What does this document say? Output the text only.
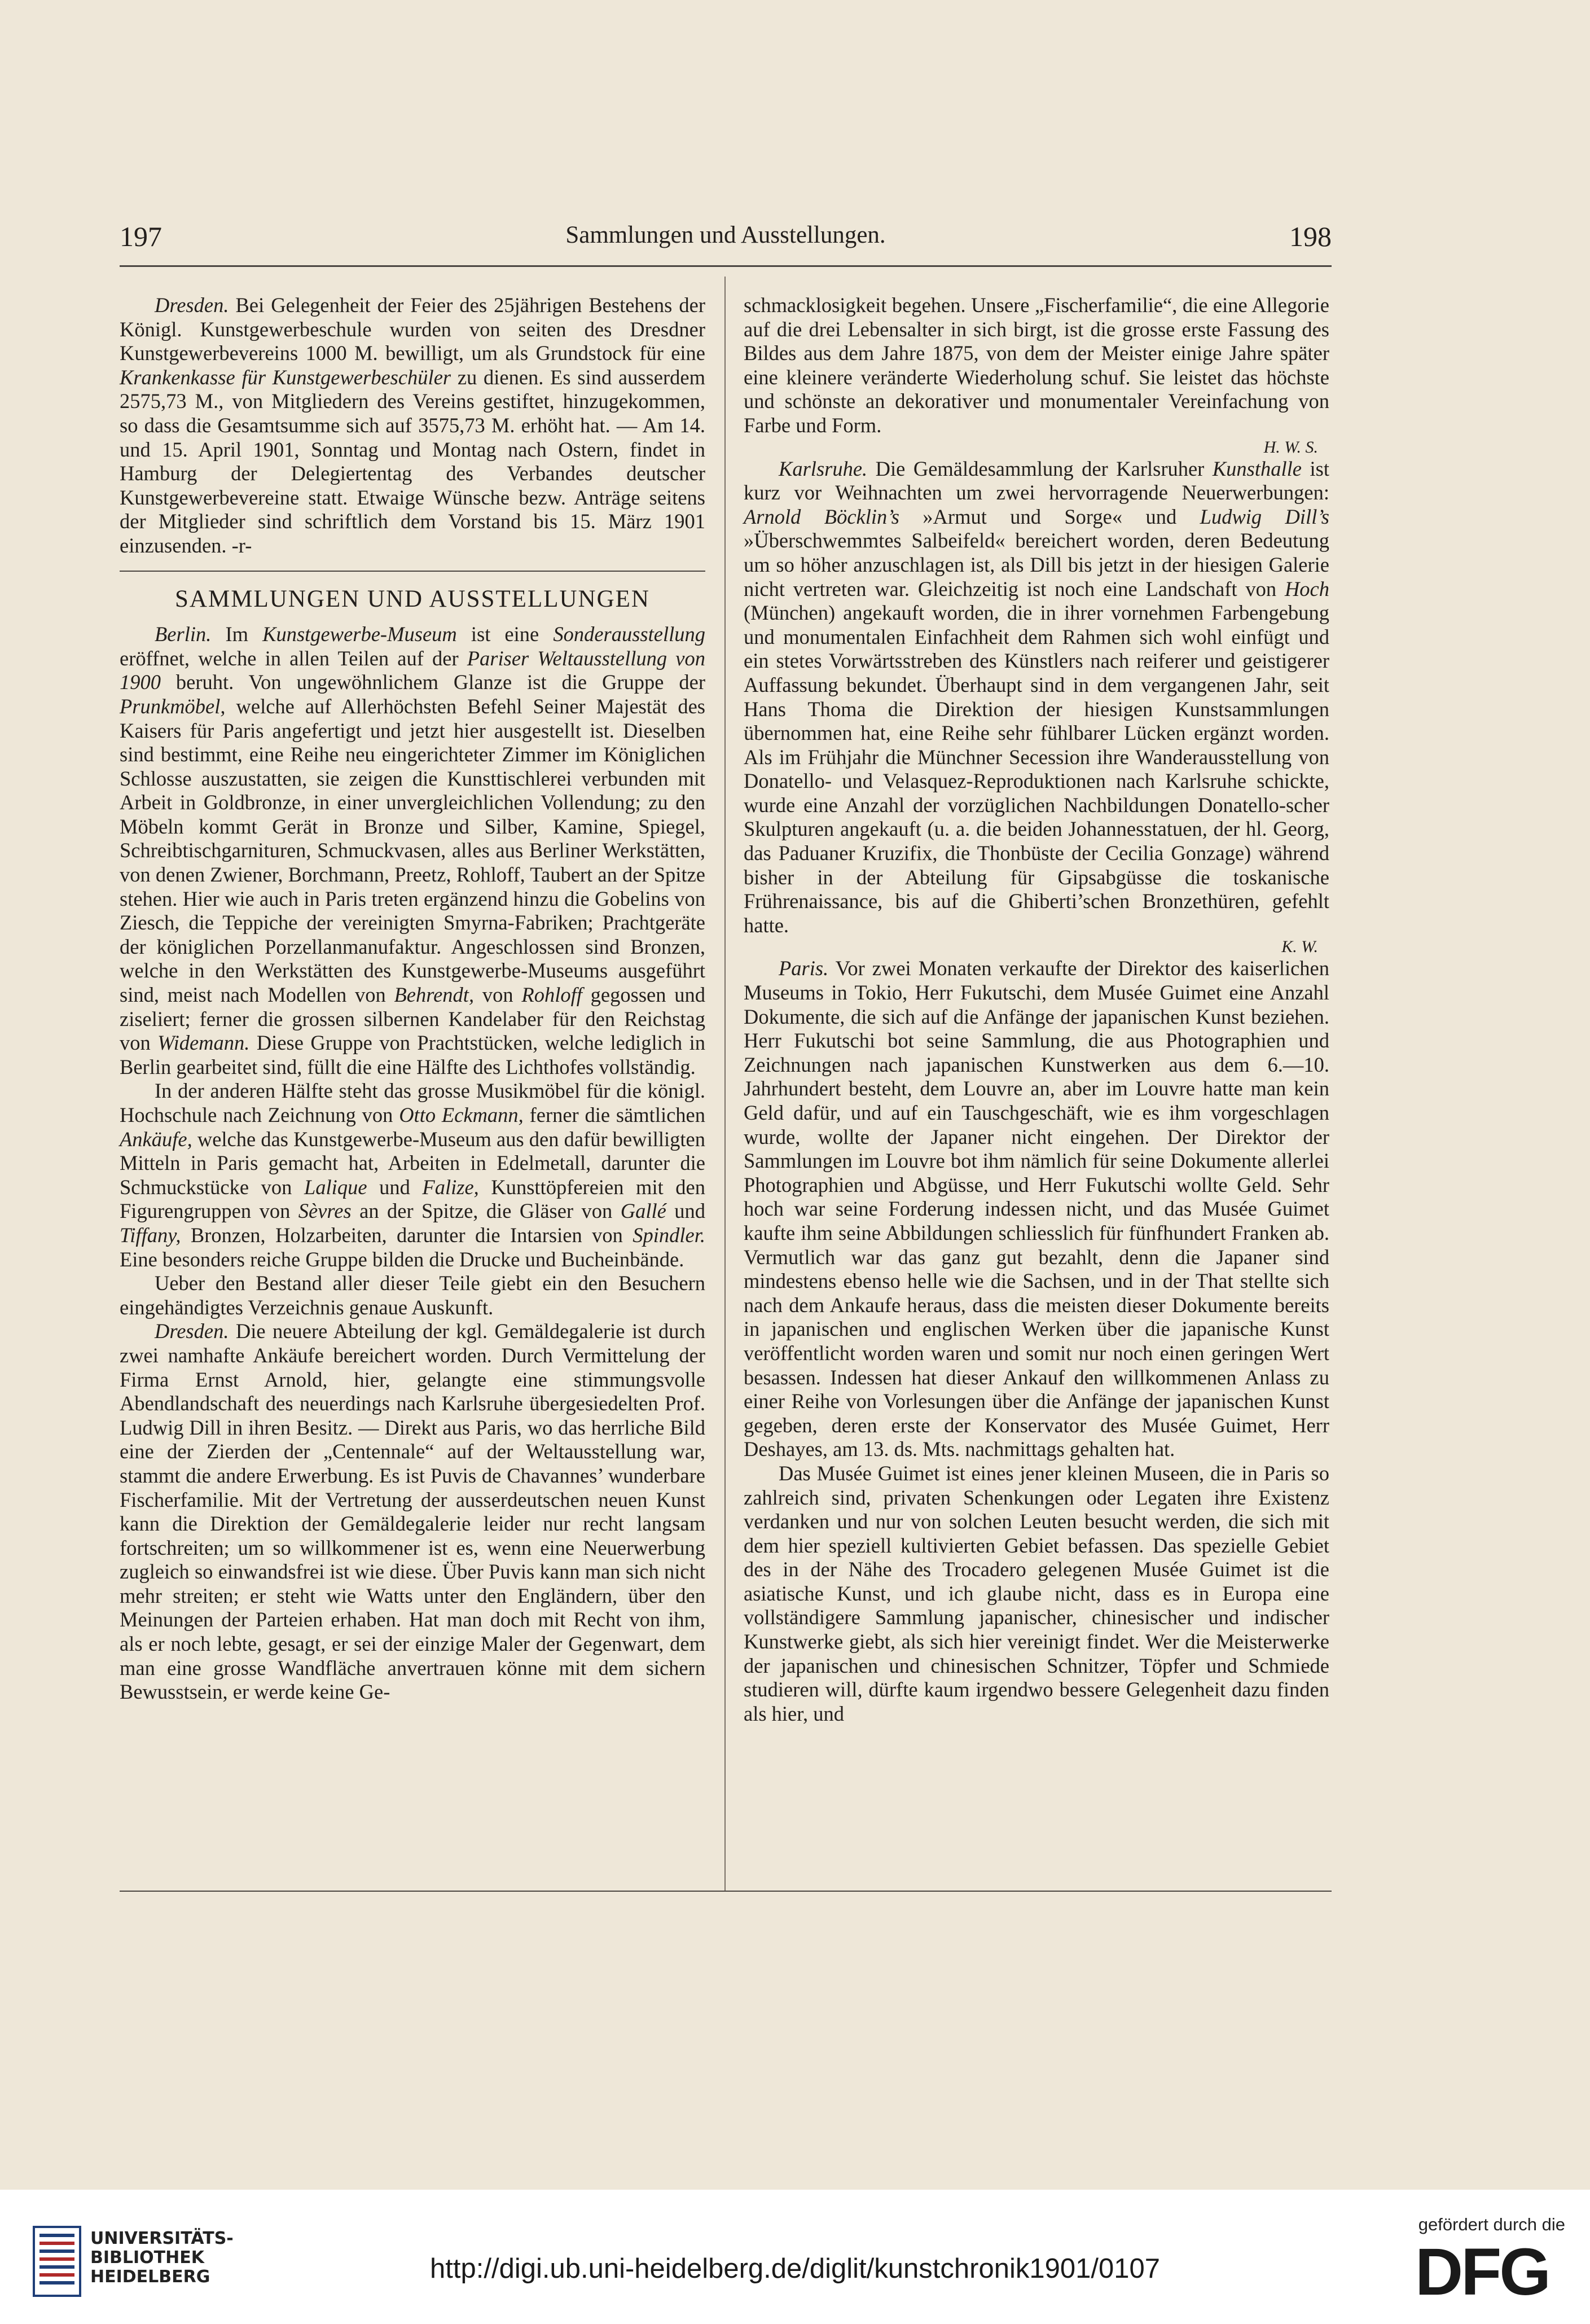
197	Sammlungen und Ausstellungen.	198

Dresden. Bei Gelegenheit der Feier des 25jährigen Bestehens der Königl. Kunstgewerbeschule wurden von seiten des Dresdner Kunstgewerbevereins 1000 M. bewilligt, um als Grundstock für eine Krankenkasse für Kunstgewerbeschüler zu dienen. Es sind ausserdem 2575,73 M., von Mitgliedern des Vereins gestiftet, hinzugekommen, so dass die Gesamtsumme sich auf 3575,73 M. erhöht hat. — Am 14. und 15. April 1901, Sonntag und Montag nach Ostern, findet in Hamburg der Delegiertentag des Verbandes deutscher Kunstgewerbevereine statt. Etwaige Wünsche bezw. Anträge seitens der Mitglieder sind schriftlich dem Vorstand bis 15. März 1901 einzusenden. -r-

SAMMLUNGEN UND AUSSTELLUNGEN

Berlin. Im Kunstgewerbe-Museum ist eine Sonderausstellung eröffnet, welche in allen Teilen auf der Pariser Weltausstellung von 1900 beruht. Von ungewöhnlichem Glanze ist die Gruppe der Prunkmöbel, welche auf Allerhöchsten Befehl Seiner Majestät des Kaisers für Paris angefertigt und jetzt hier ausgestellt ist. Dieselben sind bestimmt, eine Reihe neu eingerichteter Zimmer im Königlichen Schlosse auszustatten, sie zeigen die Kunsttischlerei verbunden mit Arbeit in Goldbronze, in einer unvergleichlichen Vollendung; zu den Möbeln kommt Gerät in Bronze und Silber, Kamine, Spiegel, Schreibtischgarnituren, Schmuckvasen, alles aus Berliner Werkstätten, von denen Zwiener, Borchmann, Preetz, Rohloff, Taubert an der Spitze stehen. Hier wie auch in Paris treten ergänzend hinzu die Gobelins von Ziesch, die Teppiche der vereinigten Smyrna-Fabriken; Prachtgeräte der königlichen Porzellanmanufaktur. Angeschlossen sind Bronzen, welche in den Werkstätten des Kunstgewerbe-Museums ausgeführt sind, meist nach Modellen von Behrendt, von Rohloff gegossen und ziseliert; ferner die grossen silbernen Kandelaber für den Reichstag von Widemann. Diese Gruppe von Prachtstücken, welche lediglich in Berlin gearbeitet sind, füllt die eine Hälfte des Lichthofes vollständig.

In der anderen Hälfte steht das grosse Musikmöbel für die königl. Hochschule nach Zeichnung von Otto Eckmann, ferner die sämtlichen Ankäufe, welche das Kunstgewerbe-Museum aus den dafür bewilligten Mitteln in Paris gemacht hat, Arbeiten in Edelmetall, darunter die Schmuckstücke von Lalique und Falize, Kunsttöpfereien mit den Figurengruppen von Sèvres an der Spitze, die Gläser von Gallé und Tiffany, Bronzen, Holzarbeiten, darunter die Intarsien von Spindler. Eine besonders reiche Gruppe bilden die Drucke und Bucheinbände.

Ueber den Bestand aller dieser Teile giebt ein den Besuchern eingehändigtes Verzeichnis genaue Auskunft.

Dresden. Die neuere Abteilung der kgl. Gemäldegalerie ist durch zwei namhafte Ankäufe bereichert worden. Durch Vermittelung der Firma Ernst Arnold, hier, gelangte eine stimmungsvolle Abendlandschaft des neuerdings nach Karlsruhe übergesiedelten Prof. Ludwig Dill in ihren Besitz. — Direkt aus Paris, wo das herrliche Bild eine der Zierden der „Centennale“ auf der Weltausstellung war, stammt die andere Erwerbung. Es ist Puvis de Chavannes’ wunderbare Fischerfamilie. Mit der Vertretung der ausserdeutschen neuen Kunst kann die Direktion der Gemäldegalerie leider nur recht langsam fortschreiten; um so willkommener ist es, wenn eine Neuerwerbung zugleich so einwandsfrei ist wie diese. Über Puvis kann man sich nicht mehr streiten; er steht wie Watts unter den Engländern, über den Meinungen der Parteien erhaben. Hat man doch mit Recht von ihm, als er noch lebte, gesagt, er sei der einzige Maler der Gegenwart, dem man eine grosse Wandfläche anvertrauen könne mit dem sichern Bewusstsein, er werde keine Ge-

schmacklosigkeit begehen. Unsere „Fischerfamilie“, die eine Allegorie auf die drei Lebensalter in sich birgt, ist die grosse erste Fassung des Bildes aus dem Jahre 1875, von dem der Meister einige Jahre später eine kleinere veränderte Wiederholung schuf. Sie leistet das höchste und schönste an dekorativer und monumentaler Vereinfachung von Farbe und Form.

H. W. S.

Karlsruhe. Die Gemäldesammlung der Karlsruher Kunsthalle ist kurz vor Weihnachten um zwei hervorragende Neuerwerbungen: Arnold Böcklin’s »Armut und Sorge« und Ludwig Dill’s »Überschwemmtes Salbeifeld« bereichert worden, deren Bedeutung um so höher anzuschlagen ist, als Dill bis jetzt in der hiesigen Galerie nicht vertreten war. Gleichzeitig ist noch eine Landschaft von Hoch (München) angekauft worden, die in ihrer vornehmen Farbengebung und monumentalen Einfachheit dem Rahmen sich wohl einfügt und ein stetes Vorwärtsstreben des Künstlers nach reiferer und geistigerer Auffassung bekundet. Überhaupt sind in dem vergangenen Jahr, seit Hans Thoma die Direktion der hiesigen Kunstsammlungen übernommen hat, eine Reihe sehr fühlbarer Lücken ergänzt worden. Als im Frühjahr die Münchner Secession ihre Wanderausstellung von Donatello- und Velasquez-Reproduktionen nach Karlsruhe schickte, wurde eine Anzahl der vorzüglichen Nachbildungen Donatello-scher Skulpturen angekauft (u. a. die beiden Johannesstatuen, der hl. Georg, das Paduaner Kruzifix, die Thonbüste der Cecilia Gonzage) während bisher in der Abteilung für Gipsabgüsse die toskanische Frührenaissance, bis auf die Ghiberti’schen Bronzethüren, gefehlt hatte.

K. W.

Paris. Vor zwei Monaten verkaufte der Direktor des kaiserlichen Museums in Tokio, Herr Fukutschi, dem Musée Guimet eine Anzahl Dokumente, die sich auf die Anfänge der japanischen Kunst beziehen. Herr Fukutschi bot seine Sammlung, die aus Photographien und Zeichnungen nach japanischen Kunstwerken aus dem 6.—10. Jahrhundert besteht, dem Louvre an, aber im Louvre hatte man kein Geld dafür, und auf ein Tauschgeschäft, wie es ihm vorgeschlagen wurde, wollte der Japaner nicht eingehen. Der Direktor der Sammlungen im Louvre bot ihm nämlich für seine Dokumente allerlei Photographien und Abgüsse, und Herr Fukutschi wollte Geld. Sehr hoch war seine Forderung indessen nicht, und das Musée Guimet kaufte ihm seine Abbildungen schliesslich für fünfhundert Franken ab. Vermutlich war das ganz gut bezahlt, denn die Japaner sind mindestens ebenso helle wie die Sachsen, und in der That stellte sich nach dem Ankaufe heraus, dass die meisten dieser Dokumente bereits in japanischen und englischen Werken über die japanische Kunst veröffentlicht worden waren und somit nur noch einen geringen Wert besassen. Indessen hat dieser Ankauf den willkommenen Anlass zu einer Reihe von Vorlesungen über die Anfänge der japanischen Kunst gegeben, deren erste der Konservator des Musée Guimet, Herr Deshayes, am 13. ds. Mts. nachmittags gehalten hat.

Das Musée Guimet ist eines jener kleinen Museen, die in Paris so zahlreich sind, privaten Schenkungen oder Legaten ihre Existenz verdanken und nur von solchen Leuten besucht werden, die sich mit dem hier speziell kultivierten Gebiet befassen. Das spezielle Gebiet des in der Nähe des Trocadero gelegenen Musée Guimet ist die asiatische Kunst, und ich glaube nicht, dass es in Europa eine vollständigere Sammlung japanischer, chinesischer und indischer Kunstwerke giebt, als sich hier vereinigt findet. Wer die Meisterwerke der japanischen und chinesischen Schnitzer, Töpfer und Schmiede studieren will, dürfte kaum irgendwo bessere Gelegenheit dazu finden als hier, und

UNIVERSITÄTS-
BIBLIOTHEK
HEIDELBERG	http://digi.ub.uni-heidelberg.de/diglit/kunstchronik1901/0107
gefördert durch die
DFG
